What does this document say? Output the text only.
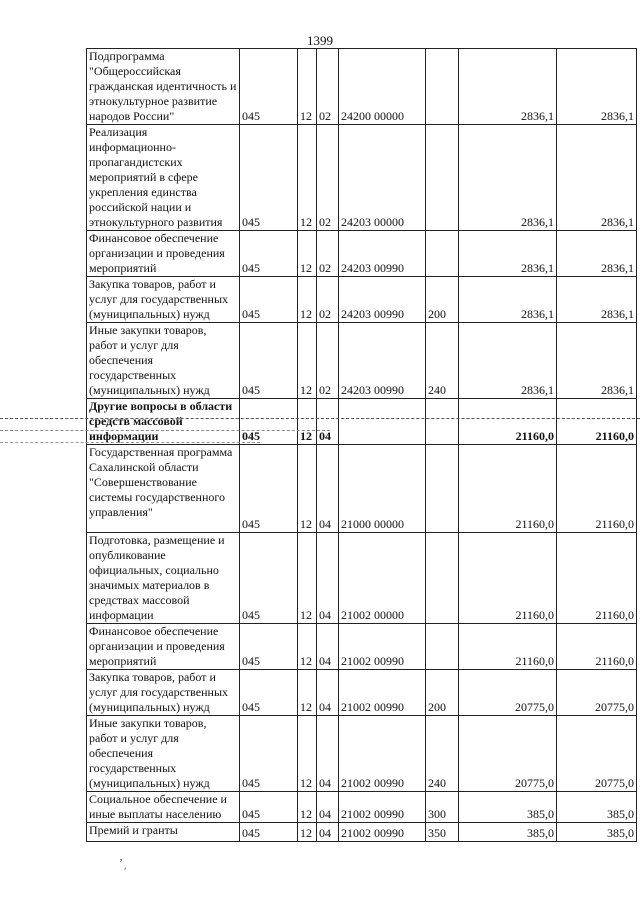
1399
Подпрограмма "Общероссийская гражданская идентичность и этнокультурное развитие народов России"	045	12	02	24200 00000		2836,1	2836,1
Реализация информационно-пропагандистских мероприятий в сфере укрепления единства российской нации и этнокультурного развития	045	12	02	24203 00000		2836,1	2836,1
Финансовое обеспечение организации и проведения мероприятий	045	12	02	24203 00990		2836,1	2836,1
Закупка товаров, работ и услуг для государственных (муниципальных) нужд	045	12	02	24203 00990	200	2836,1	2836,1
Иные закупки товаров, работ и услуг для обеспечения государственных (муниципальных) нужд	045	12	02	24203 00990	240	2836,1	2836,1
Другие вопросы в области средств массовой информации	045	12	04			21160,0	21160,0
Государственная программа Сахалинской области "Совершенствование системы государственного управления"	045	12	04	21000 00000		21160,0	21160,0
Подготовка, размещение и опубликование официальных, социально значимых материалов в средствах массовой информации	045	12	04	21002 00000		21160,0	21160,0
Финансовое обеспечение организации и проведения мероприятий	045	12	04	21002 00990		21160,0	21160,0
Закупка товаров, работ и услуг для государственных (муниципальных) нужд	045	12	04	21002 00990	200	20775,0	20775,0
Иные закупки товаров, работ и услуг для обеспечения государственных (муниципальных) нужд	045	12	04	21002 00990	240	20775,0	20775,0
Социальное обеспечение и иные выплаты населению	045	12	04	21002 00990	300	385,0	385,0
Премий и гранты	045	12	04	21002 00990	350	385,0	385,0
ʼ͵
